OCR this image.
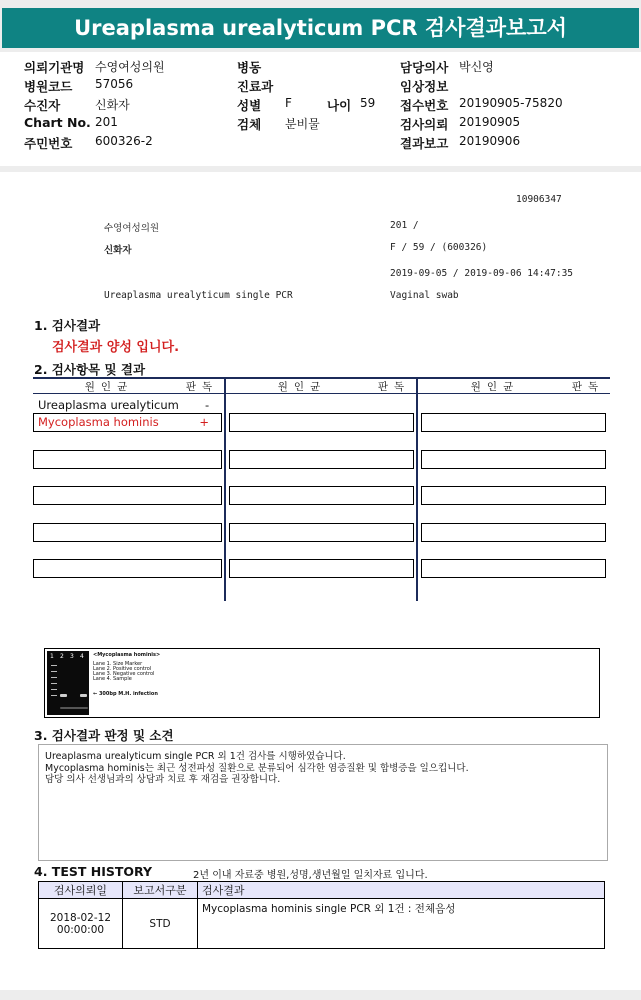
Ureaplasma urealyticum PCR 검사결과보고서
의뢰기관명 수영여성의원	병동	담당의사 박신영
병원코드 57056	진료과	임상정보
수진자	신화자	성별 F	나이 59 접수번호 20190905-75820
Chart No. 201	검체 분비물	검사의뢰 20190905
주민번호 600326-2	결과보고 20190906
10906347
수영여성의원	201 /
신화자	F / 59 / (600326)
2019-09-05 / 2019-09-06 14:47:35
Ureaplasma urealyticum single PCR	Vaginal swab
1. 검사결과
검사결과 양성 입니다.
2. 검사항목 및 결과
원인균	판독	원인균	판독	원인균	판독
Ureaplasma urealyticum -
Mycoplasma hominis	+
1 2 3 4 <Mycoplasma hominis>
Lane 1. Size Marker
Lane 2. Positive control
Lane 3. Negative control
Lane 4. Sample
← 300bp M.H. infection
3. 검사결과 판정 및 소견
Ureaplasma urealyticum single PCR 외 1건 검사를 시행하였습니다.
Mycoplasma hominis는 최근 성전파성 질환으로 분류되어 심각한 염증질환 및 합병증을 일으킵니다.
담당 의사 선생님과의 상담과 치료 후 재검을 권장합니다.
4. TEST HISTORY	2년 이내 자료중 병원,성명,생년월일 일치자료 입니다.
검사의뢰일	보고서구분	검사결과

2018-02-12
00:00:00	STD	Mycoplasma hominis single PCR 외 1건 : 전체음성
